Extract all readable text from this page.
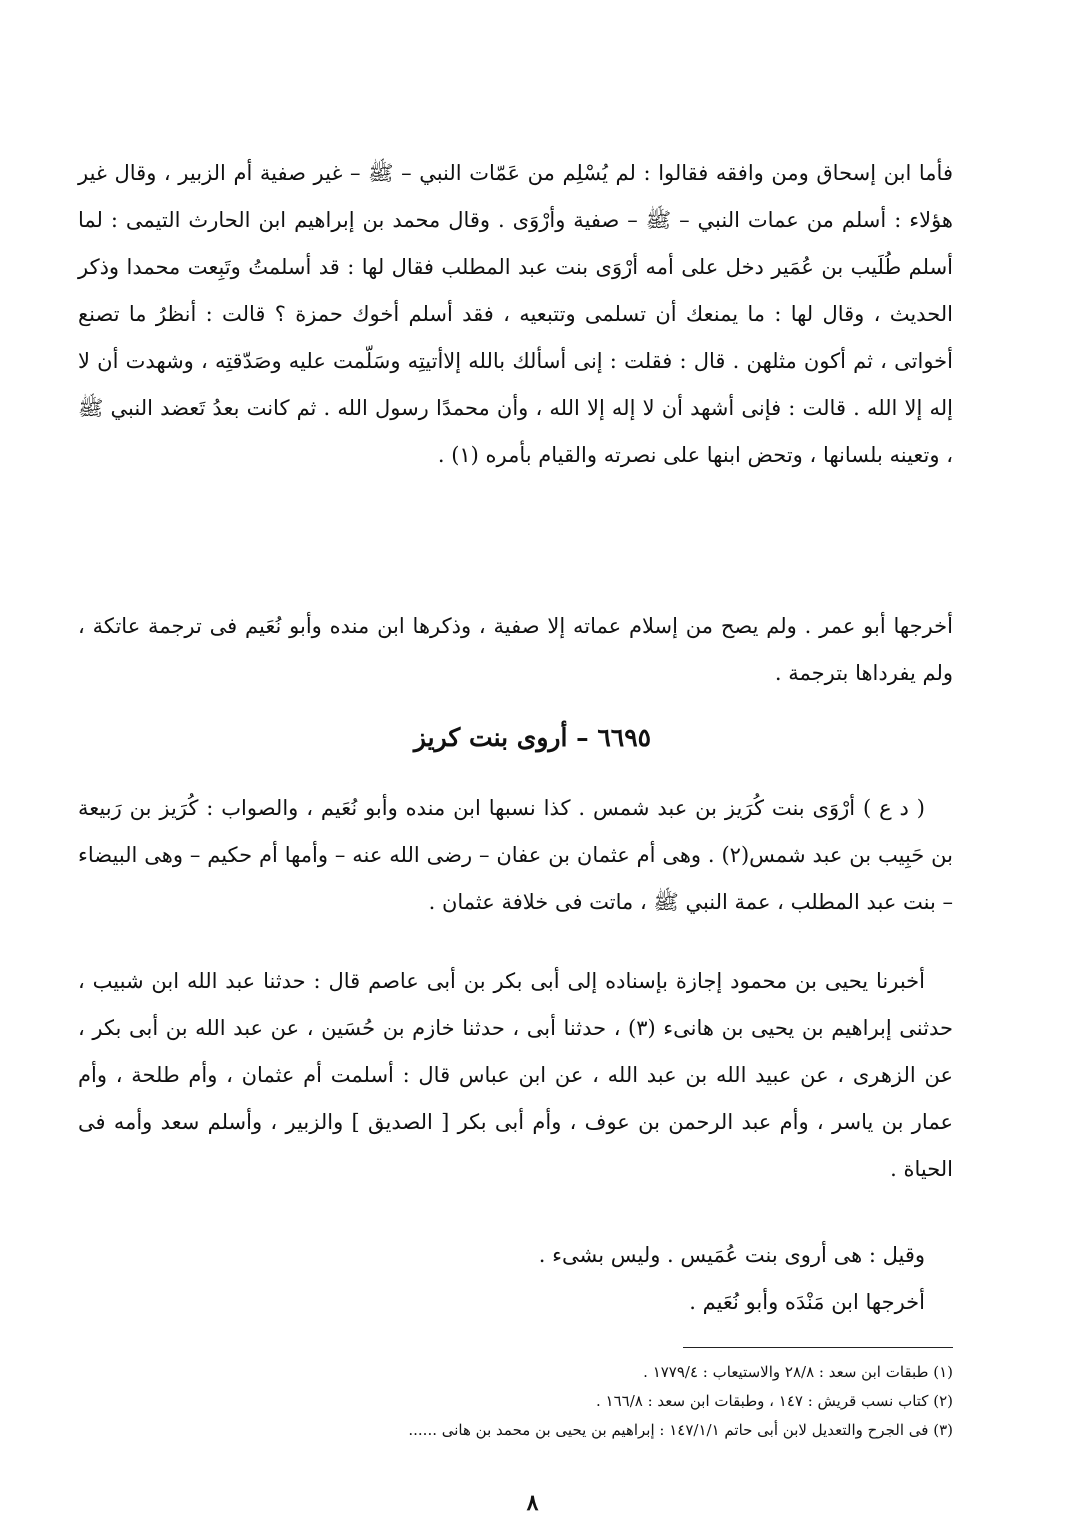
فأما ابن إسحاق ومن وافقه فقالوا : لم يُسْلِم من عَمّات النبي – ﷺ – غير صفية أم الزبير ، وقال غير هؤلاء : أسلم من عمات النبي – ﷺ – صفية وأرْوَى . وقال محمد بن إبراهيم ابن الحارث التيمى : لما أسلم طُلَيب بن عُمَير دخل على أمه أرْوَى بنت عبد المطلب فقال لها : قد أسلمتُ وتَبِعت محمدا وذكر الحديث ، وقال لها : ما يمنعك أن تسلمى وتتبعيه ، فقد أسلم أخوك حمزة ؟ قالت : أنظرُ ما تصنع أخواتى ، ثم أكون مثلهن . قال : فقلت : إنى أسألك بالله إلاأتيتِه وسَلّمت عليه وصَدّقتِه ، وشهدت أن لا إله إلا الله . قالت : فإنى أشهد أن لا إله إلا الله ، وأن محمدًا رسول الله . ثم كانت بعدُ تَعضد النبي ﷺ ، وتعينه بلسانها ، وتحض ابنها على نصرته والقيام بأمره (١) .

أخرجها أبو عمر . ولم يصح من إسلام عماته إلا صفية ، وذكرها ابن منده وأبو نُعَيم فى ترجمة عاتكة ، ولم يفرداها بترجمة .

٦٦٩٥ – أروى بنت كريز

( د ع ) أرْوَى بنت كُرَيز بن عبد شمس . كذا نسبها ابن منده وأبو نُعَيم ، والصواب : كُرَيز بن رَبيعة بن حَبِيب بن عبد شمس(٢) . وهى أم عثمان بن عفان – رضى الله عنه – وأمها أم حكيم – وهى البيضاء – بنت عبد المطلب ، عمة النبي ﷺ ، ماتت فى خلافة عثمان .

أخبرنا يحيى بن محمود إجازة بإسناده إلى أبى بكر بن أبى عاصم قال : حدثنا عبد الله ابن شبيب ، حدثنى إبراهيم بن يحيى بن هانىء (٣) ، حدثنا أبى ، حدثنا خازم بن حُسَين ، عن عبد الله بن أبى بكر ، عن الزهرى ، عن عبيد الله بن عبد الله ، عن ابن عباس قال : أسلمت أم عثمان ، وأم طلحة ، وأم عمار بن ياسر ، وأم عبد الرحمن بن عوف ، وأم أبى بكر [ الصديق ] والزبير ، وأسلم سعد وأمه فى الحياة .

وقيل : هى أروى بنت عُمَيس . وليس بشىء .

أخرجها ابن مَنْدَه وأبو نُعَيم .

(١) طبقات ابن سعد : ٢٨/٨ والاستيعاب : ١٧٧٩/٤ .

(٢) كتاب نسب قريش : ١٤٧ ، وطبقات ابن سعد : ١٦٦/٨ .

(٣) فى الجرح والتعديل لابن أبى حاتم ١٤٧/١/١ : إبراهيم بن يحيى بن محمد بن هانى ......

٨
